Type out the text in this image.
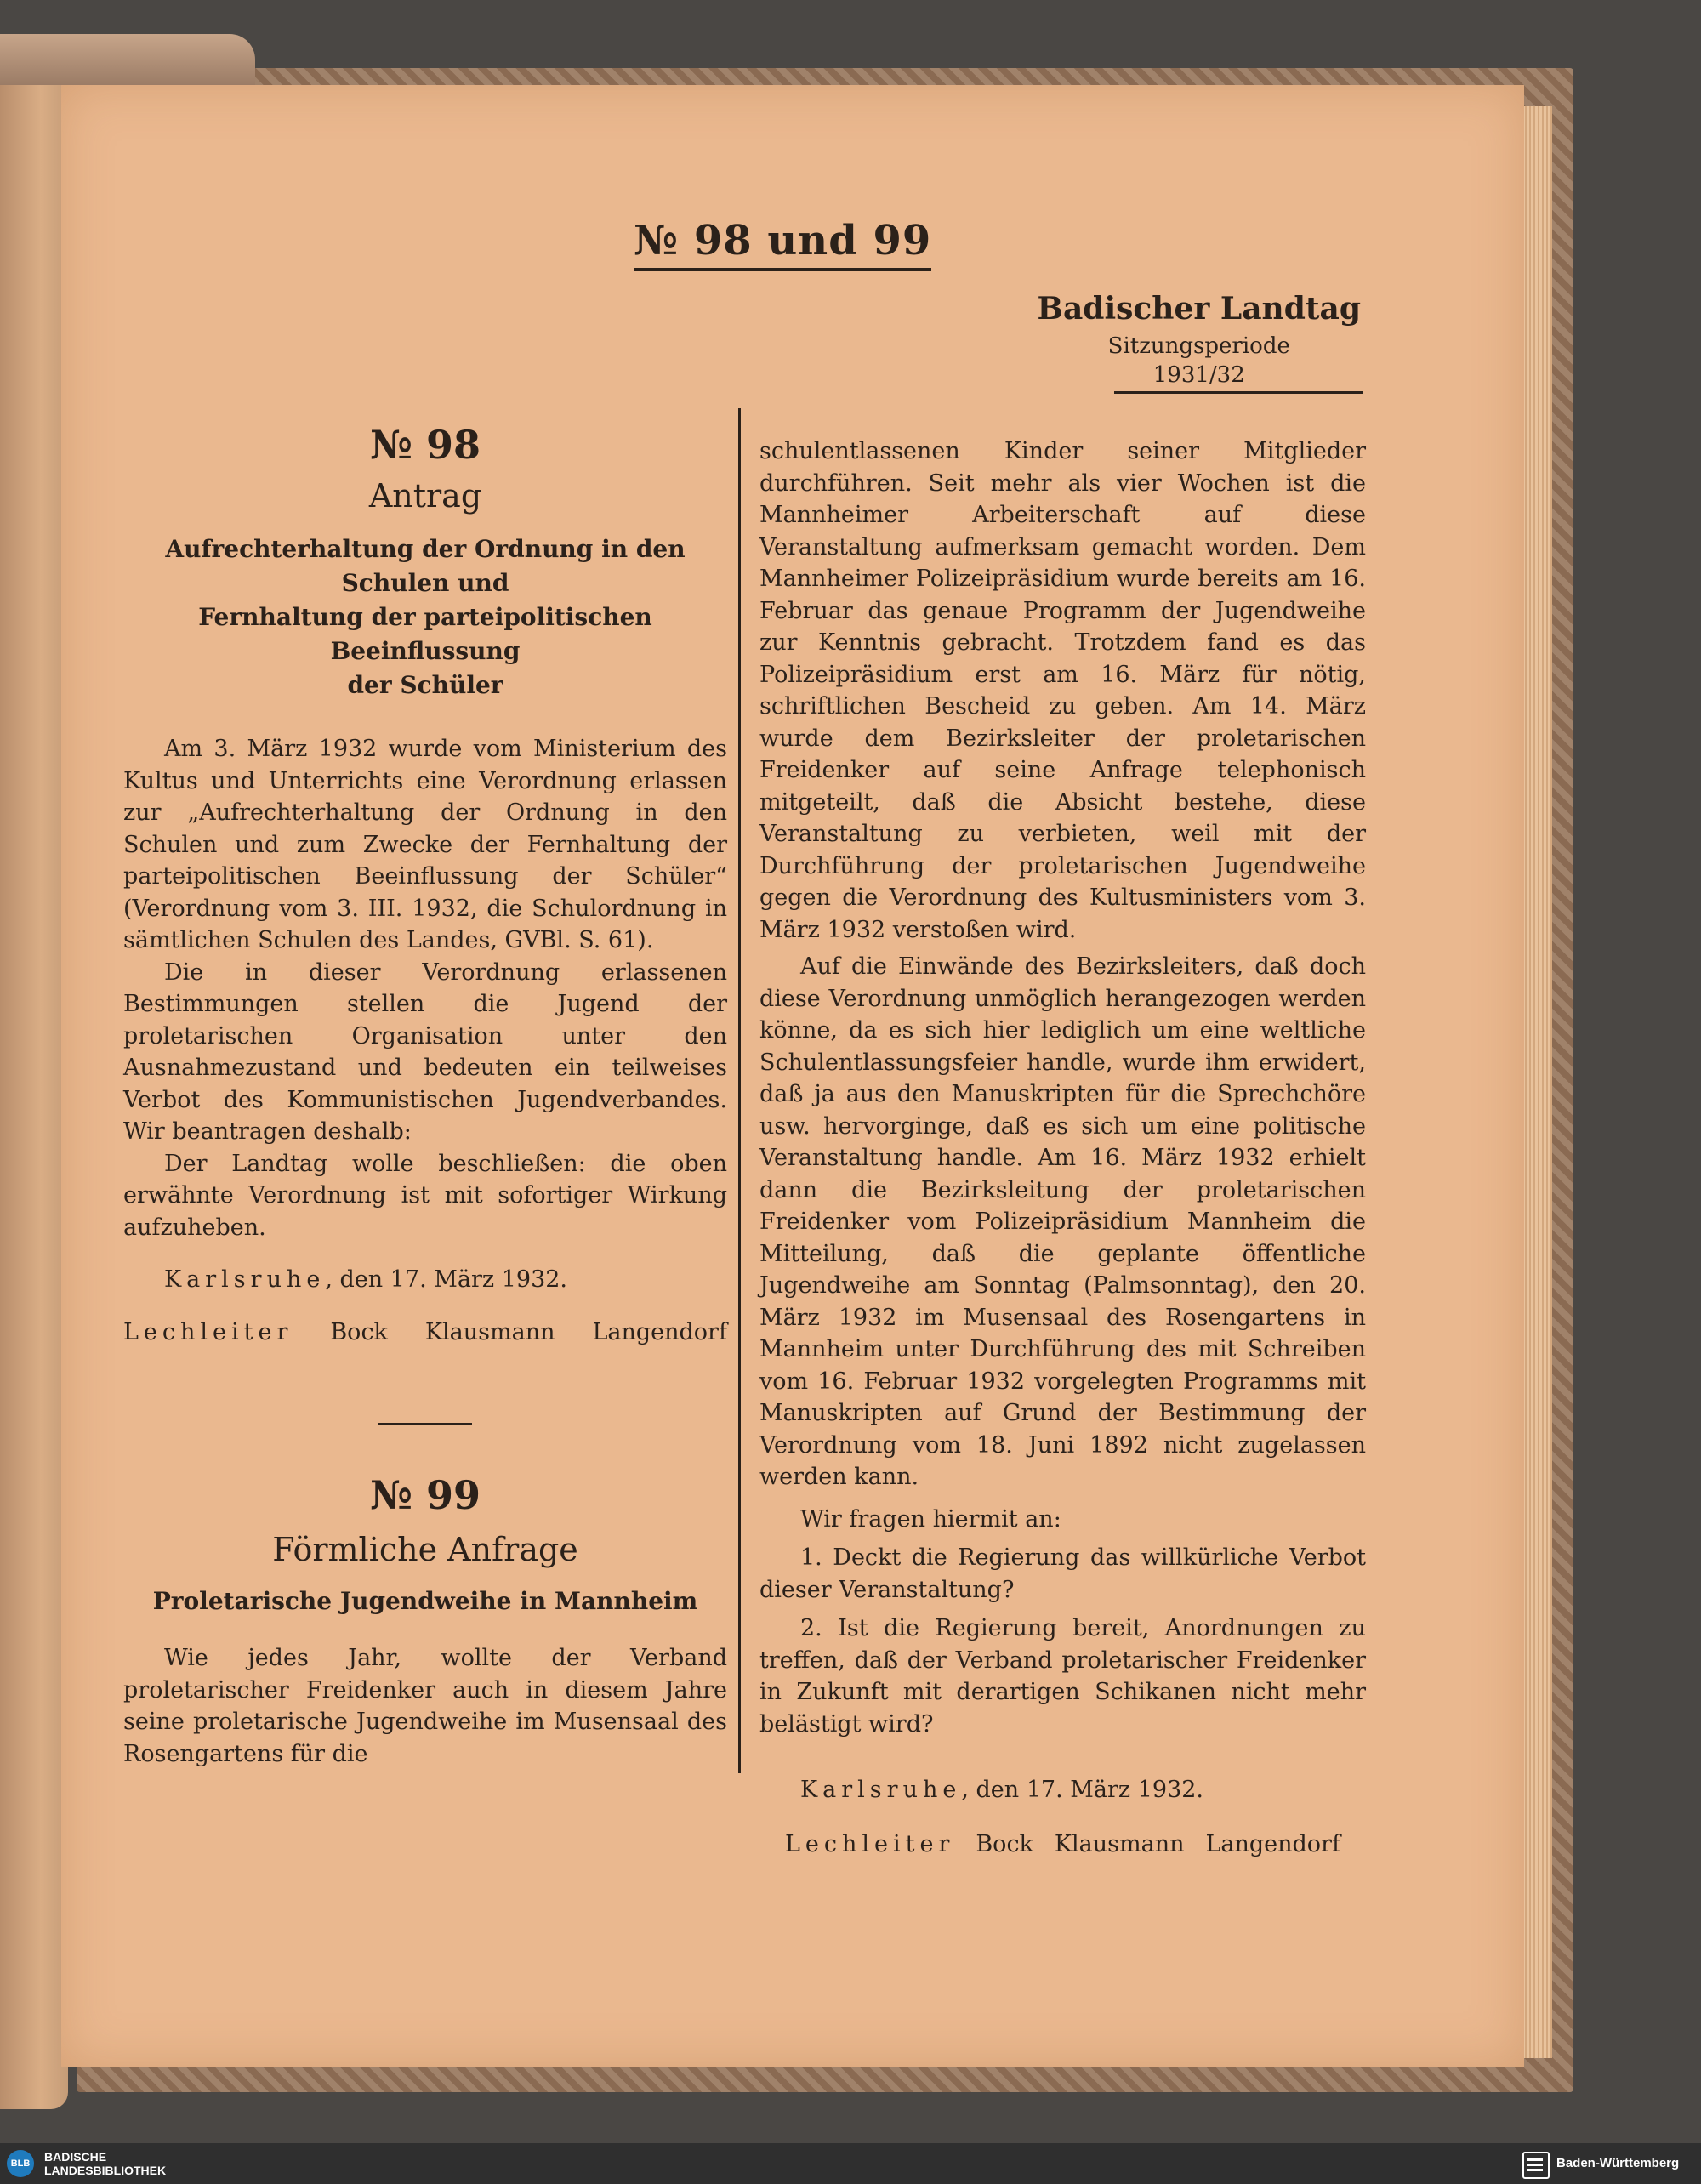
№ 98 und 99
Badischer Landtag
Sitzungsperiode
1931/32
№ 98
Antrag
Aufrechterhaltung der Ordnung in den Schulen und
Fernhaltung der parteipolitischen Beeinflussung
der Schüler

Am 3. März 1932 wurde vom Ministerium des Kultus und Unterrichts eine Verordnung erlassen zur „Aufrechterhaltung der Ordnung in den Schulen und zum Zwecke der Fernhaltung der parteipolitischen Beeinflussung der Schüler“ (Verordnung vom 3. III. 1932, die Schulordnung in sämtlichen Schulen des Landes, GVBl. S. 61).

Die in dieser Verordnung erlassenen Bestimmungen stellen die Jugend der proletarischen Organisation unter den Ausnahmezustand und bedeuten ein teilweises Verbot des Kommunistischen Jugendverbandes. Wir beantragen deshalb:

Der Landtag wolle beschließen: die oben erwähnte Verordnung ist mit sofortiger Wirkung aufzuheben.

Karlsruhe, den 17. März 1932.

Lechleiter Bock Klausmann Langendorf
№ 99
Förmliche Anfrage
Proletarische Jugendweihe in Mannheim

Wie jedes Jahr, wollte der Verband proletarischer Freidenker auch in diesem Jahre seine proletarische Jugendweihe im Musensaal des Rosengartens für die

schulentlassenen Kinder seiner Mitglieder durchführen. Seit mehr als vier Wochen ist die Mannheimer Arbeiterschaft auf diese Veranstaltung aufmerksam gemacht worden. Dem Mannheimer Polizeipräsidium wurde bereits am 16. Februar das genaue Programm der Jugendweihe zur Kenntnis gebracht. Trotzdem fand es das Polizeipräsidium erst am 16. März für nötig, schriftlichen Bescheid zu geben. Am 14. März wurde dem Bezirksleiter der proletarischen Freidenker auf seine Anfrage telephonisch mitgeteilt, daß die Absicht bestehe, diese Veranstaltung zu verbieten, weil mit der Durchführung der proletarischen Jugendweihe gegen die Verordnung des Kultusministers vom 3. März 1932 verstoßen wird.

Auf die Einwände des Bezirksleiters, daß doch diese Verordnung unmöglich herangezogen werden könne, da es sich hier lediglich um eine weltliche Schulentlassungsfeier handle, wurde ihm erwidert, daß ja aus den Manuskripten für die Sprechchöre usw. hervorginge, daß es sich um eine politische Veranstaltung handle. Am 16. März 1932 erhielt dann die Bezirksleitung der proletarischen Freidenker vom Polizeipräsidium Mannheim die Mitteilung, daß die geplante öffentliche Jugendweihe am Sonntag (Palmsonntag), den 20. März 1932 im Musensaal des Rosengartens in Mannheim unter Durchführung des mit Schreiben vom 16. Februar 1932 vorgelegten Programms mit Manuskripten auf Grund der Bestimmung der Verordnung vom 18. Juni 1892 nicht zugelassen werden kann.

Wir fragen hiermit an:

1. Deckt die Regierung das willkürliche Verbot dieser Veranstaltung?

2. Ist die Regierung bereit, Anordnungen zu treffen, daß der Verband proletarischer Freidenker in Zukunft mit derartigen Schikanen nicht mehr belästigt wird?

Karlsruhe, den 17. März 1932.

Lechleiter Bock Klausmann Langendorf
BLB	BADISCHE
LANDESBIBLIOTHEK	Baden-Württemberg
